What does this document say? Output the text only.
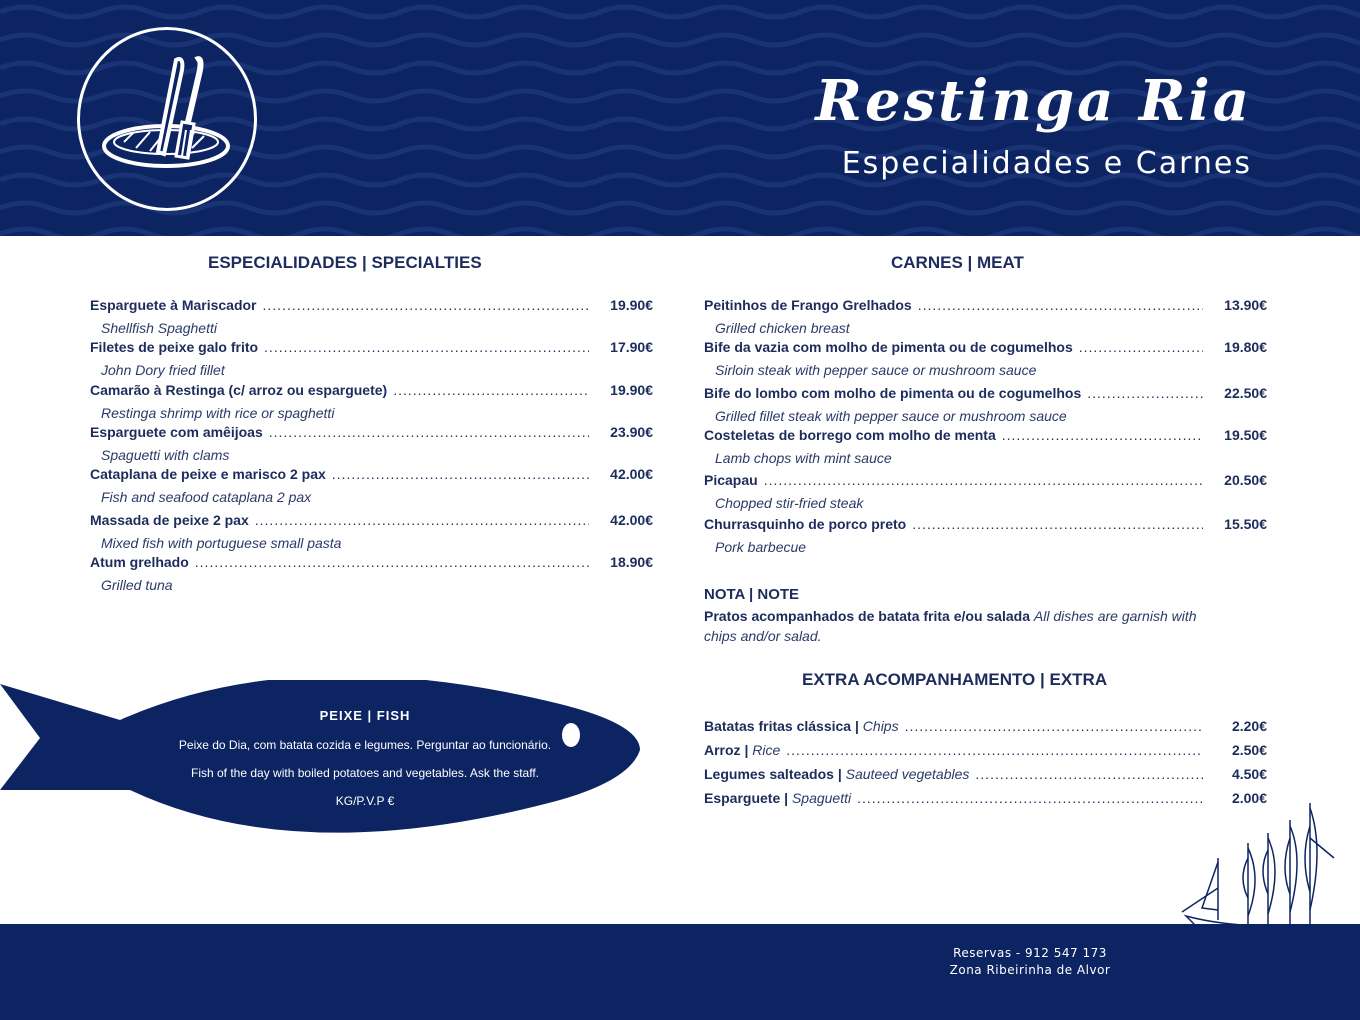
Restinga Ria
Especialidades e Carnes
ESPECIALIDADES | SPECIALTIES
Esparguete à Mariscador .....	19.90€
Shellfish Spaghetti
Filetes de peixe galo frito .....	17.90€
John Dory fried fillet
Camarão à Restinga (c/ arroz ou esparguete) .....	19.90€
Restinga shrimp with rice or spaghetti
Esparguete com amêijoas .....	23.90€
Spaguetti with clams
Cataplana de peixe e marisco 2 pax .....	42.00€
Fish and seafood cataplana 2 pax
Massada de peixe 2 pax .....	42.00€
Mixed fish with portuguese small pasta
Atum grelhado .....	18.90€
Grilled tuna
CARNES | MEAT
Peitinhos de Frango Grelhados .....	13.90€
Grilled chicken breast
Bife da vazia com molho de pimenta ou de cogumelhos .....	19.80€
Sirloin steak with pepper sauce or mushroom sauce
Bife do lombo com molho de pimenta ou de cogumelhos .....	22.50€
Grilled fillet steak with pepper sauce or mushroom sauce
Costeletas de borrego com molho de menta .....	19.50€
Lamb chops with mint sauce
Picapau .....	20.50€
Chopped stir-fried steak
Churrasquinho de porco preto .....	15.50€
Pork barbecue
NOTA | NOTE
Pratos acompanhados de batata frita e/ou salada All dishes are garnish with chips and/or salad.
EXTRA ACOMPANHAMENTO | EXTRA
Batatas fritas clássica | Chips .....	2.20€
Arroz | Rice .....	2.50€
Legumes salteados | Sauteed vegetables .....	4.50€
Esparguete | Spaguetti .....	2.00€
PEIXE | FISH
Peixe do Dia, com batata cozida e legumes. Perguntar ao funcionário.
Fish of the day with boiled potatoes and vegetables. Ask the staff.
KG/P.V.P €
Reservas - 912 547 173
Zona Ribeirinha de Alvor
